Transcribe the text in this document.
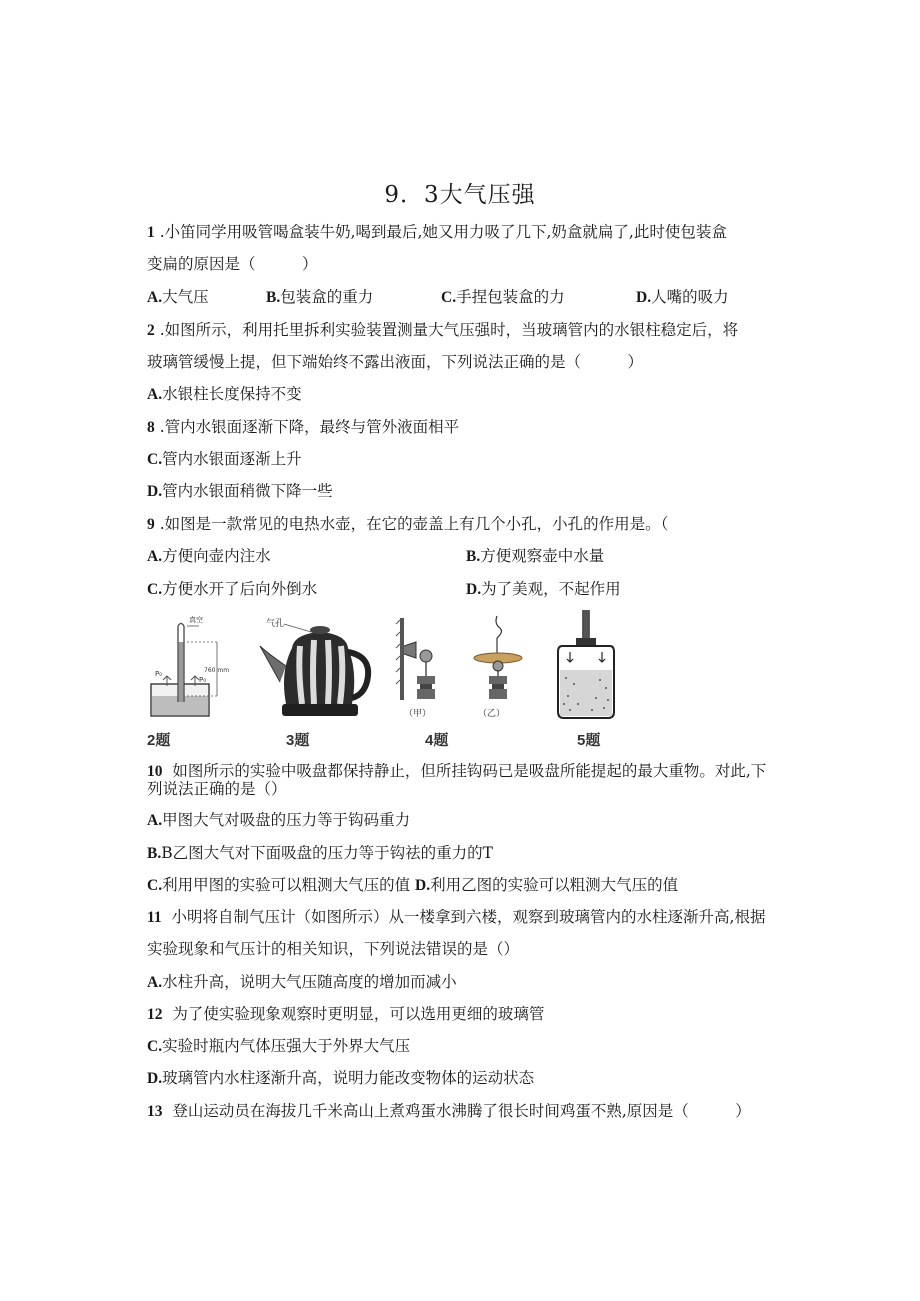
9．3大气压强
1 .小笛同学用吸管喝盒装牛奶,喝到最后,她又用力吸了几下,奶盒就扁了,此时使包装盒
变扁的原因是（　　　）
A.大气压	B.包装盒的重力	C.手捏包装盒的力	D.人嘴的吸力
2 .如图所示，利用托里拆利实验装置测量大气压强时，当玻璃管内的水银柱稳定后，将
玻璃管缓慢上提，但下端始终不露出液面，下列说法正确的是（　　　）
A.水银柱长度保持不变
8 .管内水银面逐渐下降，最终与管外液面相平
C.管内水银面逐渐上升
D.管内水银面稍微下降一些
9 .如图是一款常见的电热水壶，在它的壶盖上有几个小孔，小孔的作用是。（
A.方便向壶内注水	B.方便观察壶中水量
C.方便水开了后向外倒水	D.为了美观，不起作用
真空
760 mm
P₀
P₀
2题
气孔
3题
（甲）	（乙）
4题	5题
10 如图所示的实验中吸盘都保持静止，但所挂钩码已是吸盘所能提起的最大重物。对此,下
列说法正确的是（）
A.甲图大气对吸盘的压力等于钩码重力
B.B乙图大气对下面吸盘的压力等于钩祛的重力的T
C.利用甲图的实验可以粗测大气压的值 D.利用乙图的实验可以粗测大气压的值
11 小明将自制气压计（如图所示）从一楼拿到六楼，观察到玻璃管内的水柱逐渐升高,根据
实验现象和气压计的相关知识，下列说法错误的是（）
A.水柱升高，说明大气压随高度的增加而减小
12 为了使实验现象观察时更明显，可以选用更细的玻璃管
C.实验时瓶内气体压强大于外界大气压
D.玻璃管内水柱逐渐升高，说明力能改变物体的运动状态
13 登山运动员在海拔几千米高山上煮鸡蛋水沸腾了很长时间鸡蛋不熟,原因是（　　　）
